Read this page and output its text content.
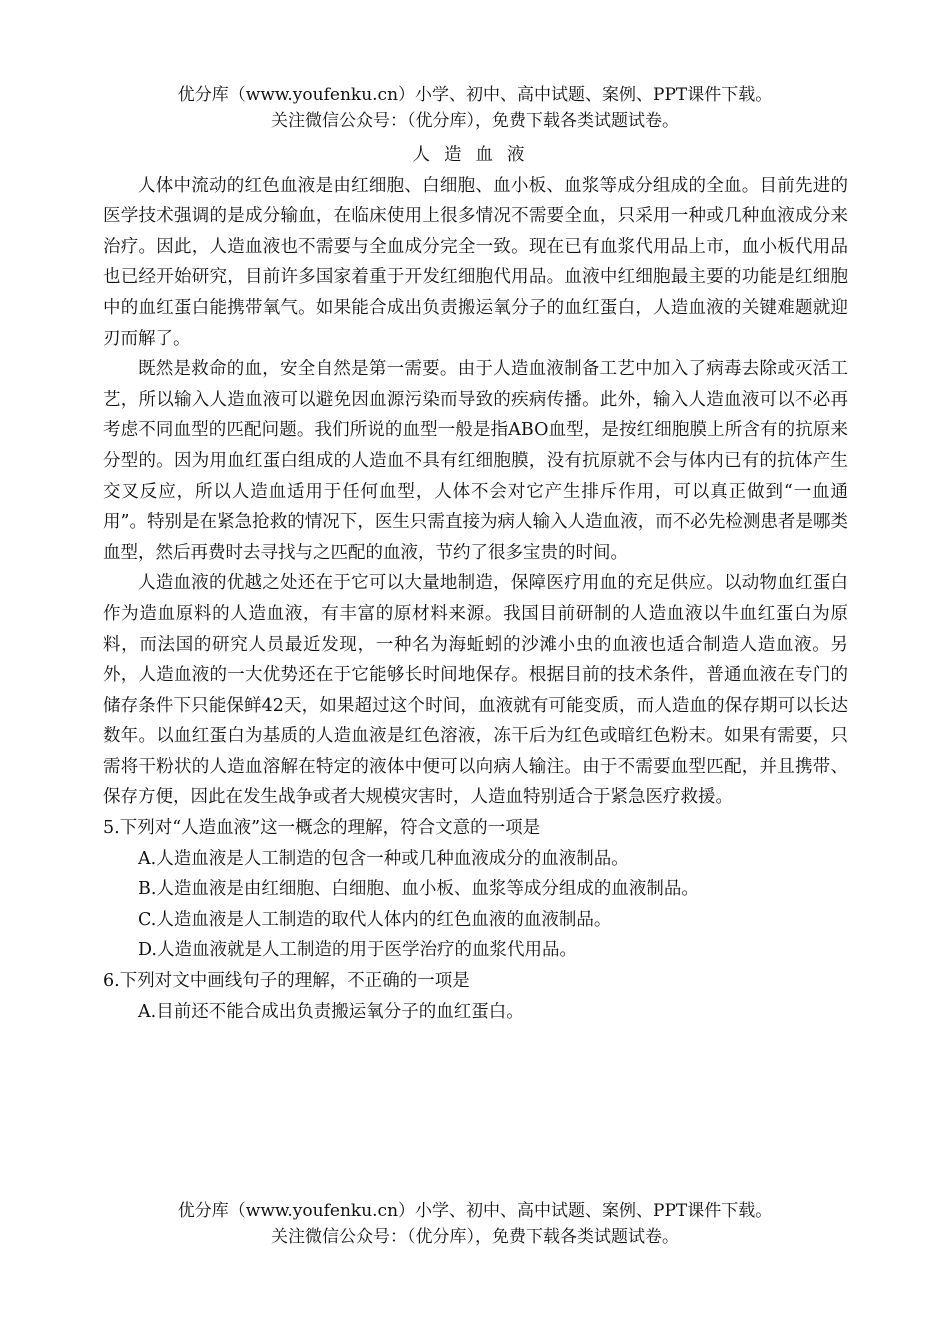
优分库（www.youfenku.cn）小学、初中、高中试题、案例、PPT课件下载。
关注微信公众号：（优分库），免费下载各类试题试卷。

人造血液

人体中流动的红色血液是由红细胞、白细胞、血小板、血浆等成分组成的全血。目前先进的医学技术强调的是成分输血，在临床使用上很多情况不需要全血，只采用一种或几种血液成分来治疗。因此，人造血液也不需要与全血成分完全一致。现在已有血浆代用品上市，血小板代用品也已经开始研究，目前许多国家着重于开发红细胞代用品。血液中红细胞最主要的功能是红细胞中的血红蛋白能携带氧气。如果能合成出负责搬运氧分子的血红蛋白，人造血液的关键难题就迎刃而解了。

既然是救命的血，安全自然是第一需要。由于人造血液制备工艺中加入了病毒去除或灭活工艺，所以输入人造血液可以避免因血源污染而导致的疾病传播。此外，输入人造血液可以不必再考虑不同血型的匹配问题。我们所说的血型一般是指ABO血型，是按红细胞膜上所含有的抗原来分型的。因为用血红蛋白组成的人造血不具有红细胞膜，没有抗原就不会与体内已有的抗体产生交叉反应，所以人造血适用于任何血型，人体不会对它产生排斥作用，可以真正做到“一血通用”。特别是在紧急抢救的情况下，医生只需直接为病人输入人造血液，而不必先检测患者是哪类血型，然后再费时去寻找与之匹配的血液，节约了很多宝贵的时间。

人造血液的优越之处还在于它可以大量地制造，保障医疗用血的充足供应。以动物血红蛋白作为造血原料的人造血液，有丰富的原材料来源。我国目前研制的人造血液以牛血红蛋白为原料，而法国的研究人员最近发现，一种名为海蚯蚓的沙滩小虫的血液也适合制造人造血液。另外，人造血液的一大优势还在于它能够长时间地保存。根据目前的技术条件，普通血液在专门的储存条件下只能保鲜42天，如果超过这个时间，血液就有可能变质，而人造血的保存期可以长达数年。以血红蛋白为基质的人造血液是红色溶液，冻干后为红色或暗红色粉末。如果有需要，只需将干粉状的人造血溶解在特定的液体中便可以向病人输注。由于不需要血型匹配，并且携带、保存方便，因此在发生战争或者大规模灾害时，人造血特别适合于紧急医疗救援。

5.下列对“人造血液”这一概念的理解，符合文意的一项是

A.人造血液是人工制造的包含一种或几种血液成分的血液制品。

B.人造血液是由红细胞、白细胞、血小板、血浆等成分组成的血液制品。

C.人造血液是人工制造的取代人体内的红色血液的血液制品。

D.人造血液就是人工制造的用于医学治疗的血浆代用品。

6.下列对文中画线句子的理解，不正确的一项是

A.目前还不能合成出负责搬运氧分子的血红蛋白。

优分库（www.youfenku.cn）小学、初中、高中试题、案例、PPT课件下载。
关注微信公众号：（优分库），免费下载各类试题试卷。
